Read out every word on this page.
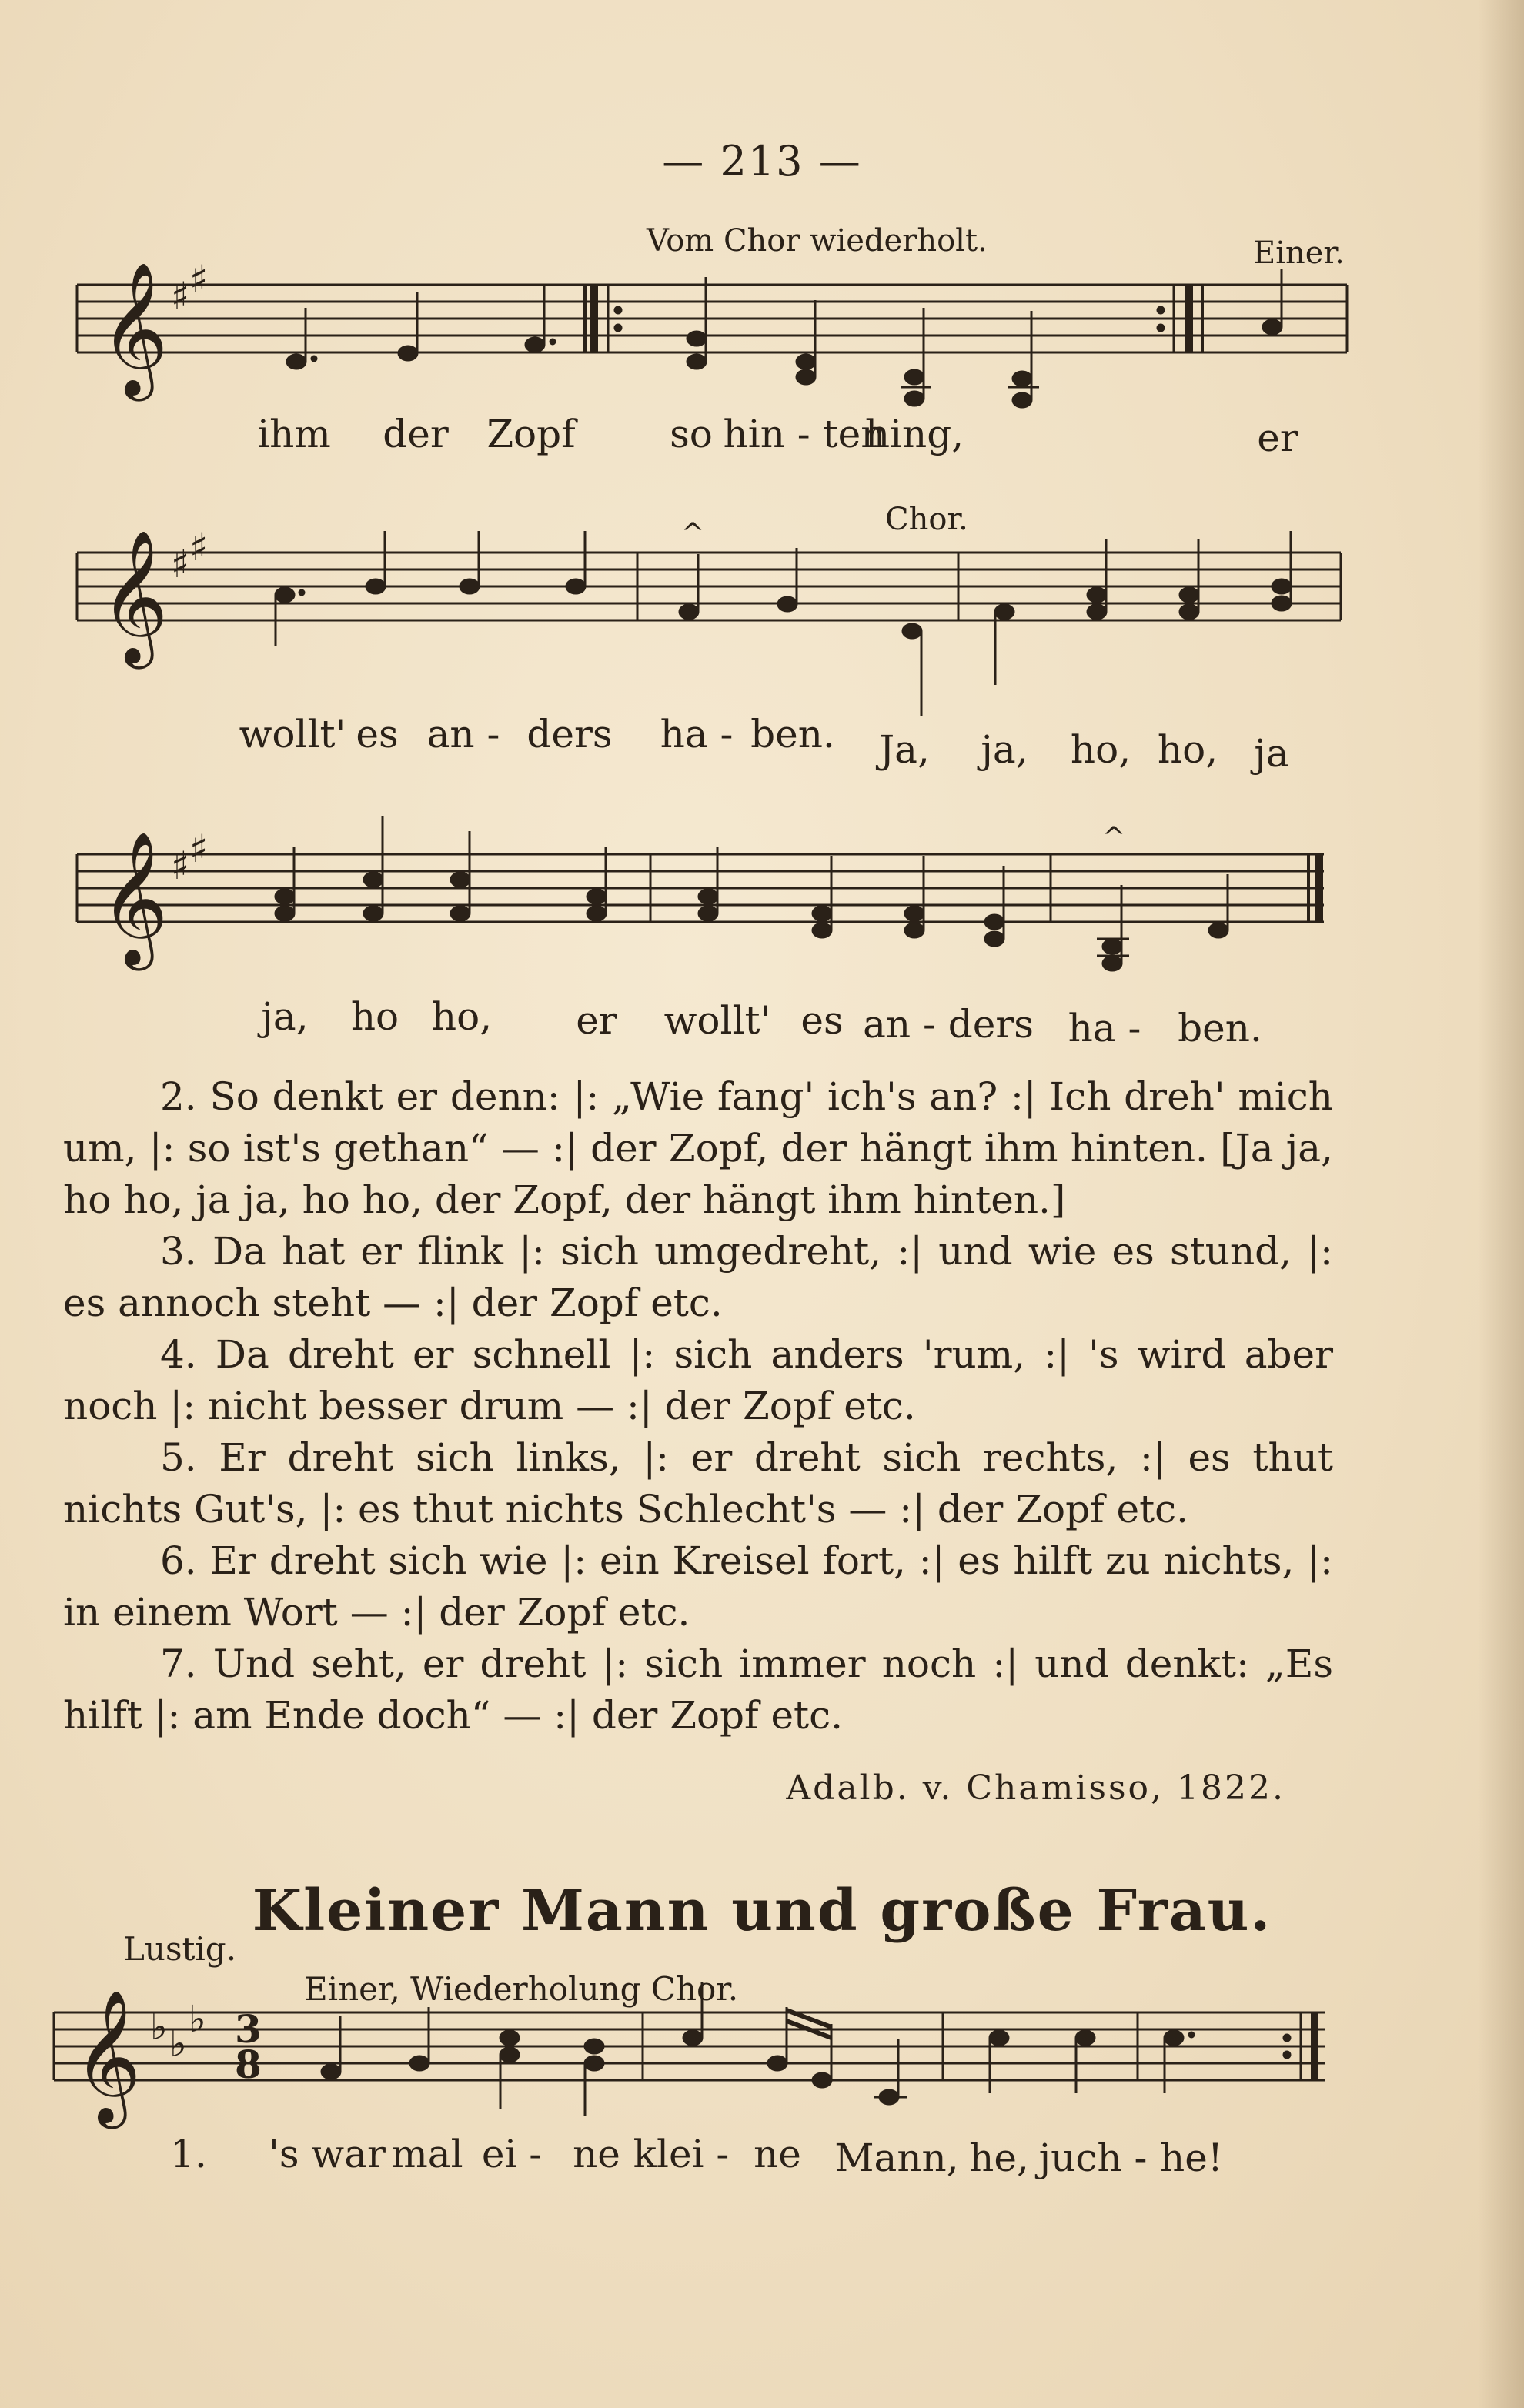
— 213 —
Vom Chor wiederholt.	Einer.
𝄞 ♯ ♯
𝄞 ♯ ♯	^
𝄞 ♯ ♯	^
𝄞 ♭ ♭
♭ 3
8
ihm der Zopf so hin - ten
hing,	er
Chor.
wollt' es an - ders ha - ben. Ja, ja, ho, ho, ja
ja, ho ho, er wollt' es an - ders ha - ben.

2. So denkt er denn: |: „Wie fang' ich's an? :| Ich dreh' mich um, |: so ist's gethan“ — :| der Zopf, der hängt ihm hinten. [Ja ja, ho ho, ja ja, ho ho, der Zopf, der hängt ihm hinten.]

3. Da hat er flink |: sich umgedreht, :| und wie es stund, |: es annoch steht — :| der Zopf etc.

4. Da dreht er schnell |: sich anders 'rum, :| 's wird aber noch |: nicht besser drum — :| der Zopf etc.

5. Er dreht sich links, |: er dreht sich rechts, :| es thut nichts Gut's, |: es thut nichts Schlecht's — :| der Zopf etc.

6. Er dreht sich wie |: ein Kreisel fort, :| es hilft zu nichts, |: in einem Wort — :| der Zopf etc.

7. Und seht, er dreht |: sich immer noch :| und denkt: „Es hilft |: am Ende doch“ — :| der Zopf etc.

Adalb. v. Chamisso, 1822.
Kleiner Mann und große Frau.
Lustig.
Einer, Wiederholung Chor.
1. 's war mal ei - ne klei - ne Mann, he, juch - he!
